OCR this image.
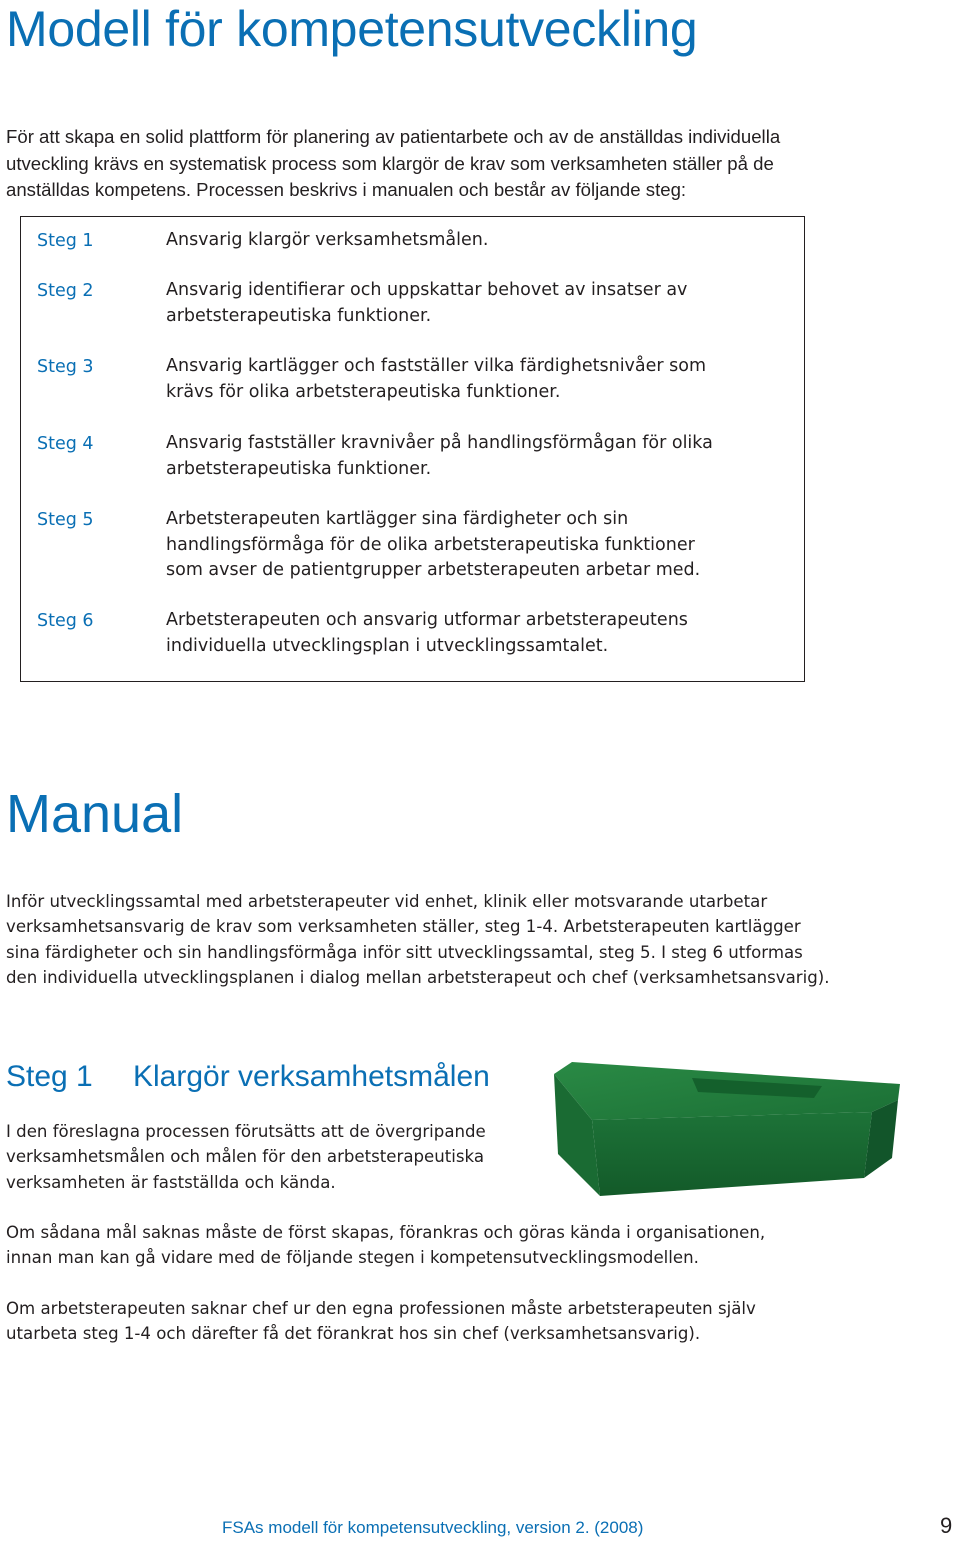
Modell för kompetensutveckling
För att skapa en solid plattform för planering av patientarbete och av de anställdas individuella
utveckling krävs en systematisk process som klargör de krav som verksamheten ställer på de
anställdas kompetens. Processen beskrivs i manualen och består av följande steg:
Steg 1	Ansvarig klargör verksamhetsmålen.
Steg 2	Ansvarig identifierar och uppskattar behovet av insatser av
arbetsterapeutiska funktioner.
Steg 3	Ansvarig kartlägger och fastställer vilka färdighetsnivåer som
krävs för olika arbetsterapeutiska funktioner.
Steg 4	Ansvarig fastställer kravnivåer på handlingsförmågan för olika
arbetsterapeutiska funktioner.
Steg 5	Arbetsterapeuten kartlägger sina färdigheter och sin
handlingsförmåga för de olika arbetsterapeutiska funktioner
som avser de patientgrupper arbetsterapeuten arbetar med.
Steg 6	Arbetsterapeuten och ansvarig utformar arbetsterapeutens
individuella utvecklingsplan i utvecklingssamtalet.
Manual
Inför utvecklingssamtal med arbetsterapeuter vid enhet, klinik eller motsvarande utarbetar
verksamhetsansvarig de krav som verksamheten ställer, steg 1-4. Arbetsterapeuten kartlägger
sina färdigheter och sin handlingsförmåga inför sitt utvecklingssamtal, steg 5. I steg 6 utformas
den individuella utvecklingsplanen i dialog mellan arbetsterapeut och chef (verksamhetsansvarig).
Steg 1 Klargör verksamhetsmålen
I den föreslagna processen förutsätts att de övergripande
verksamhetsmålen och målen för den arbetsterapeutiska
verksamheten är fastställda och kända.
Om sådana mål saknas måste de först skapas, förankras och göras kända i organisationen,
innan man kan gå vidare med de följande stegen i kompetensutvecklingsmodellen.
Om arbetsterapeuten saknar chef ur den egna professionen måste arbetsterapeuten själv
utarbeta steg 1-4 och därefter få det förankrat hos sin chef (verksamhetsansvarig).
FSAs modell för kompetensutveckling, version 2. (2008)	9
